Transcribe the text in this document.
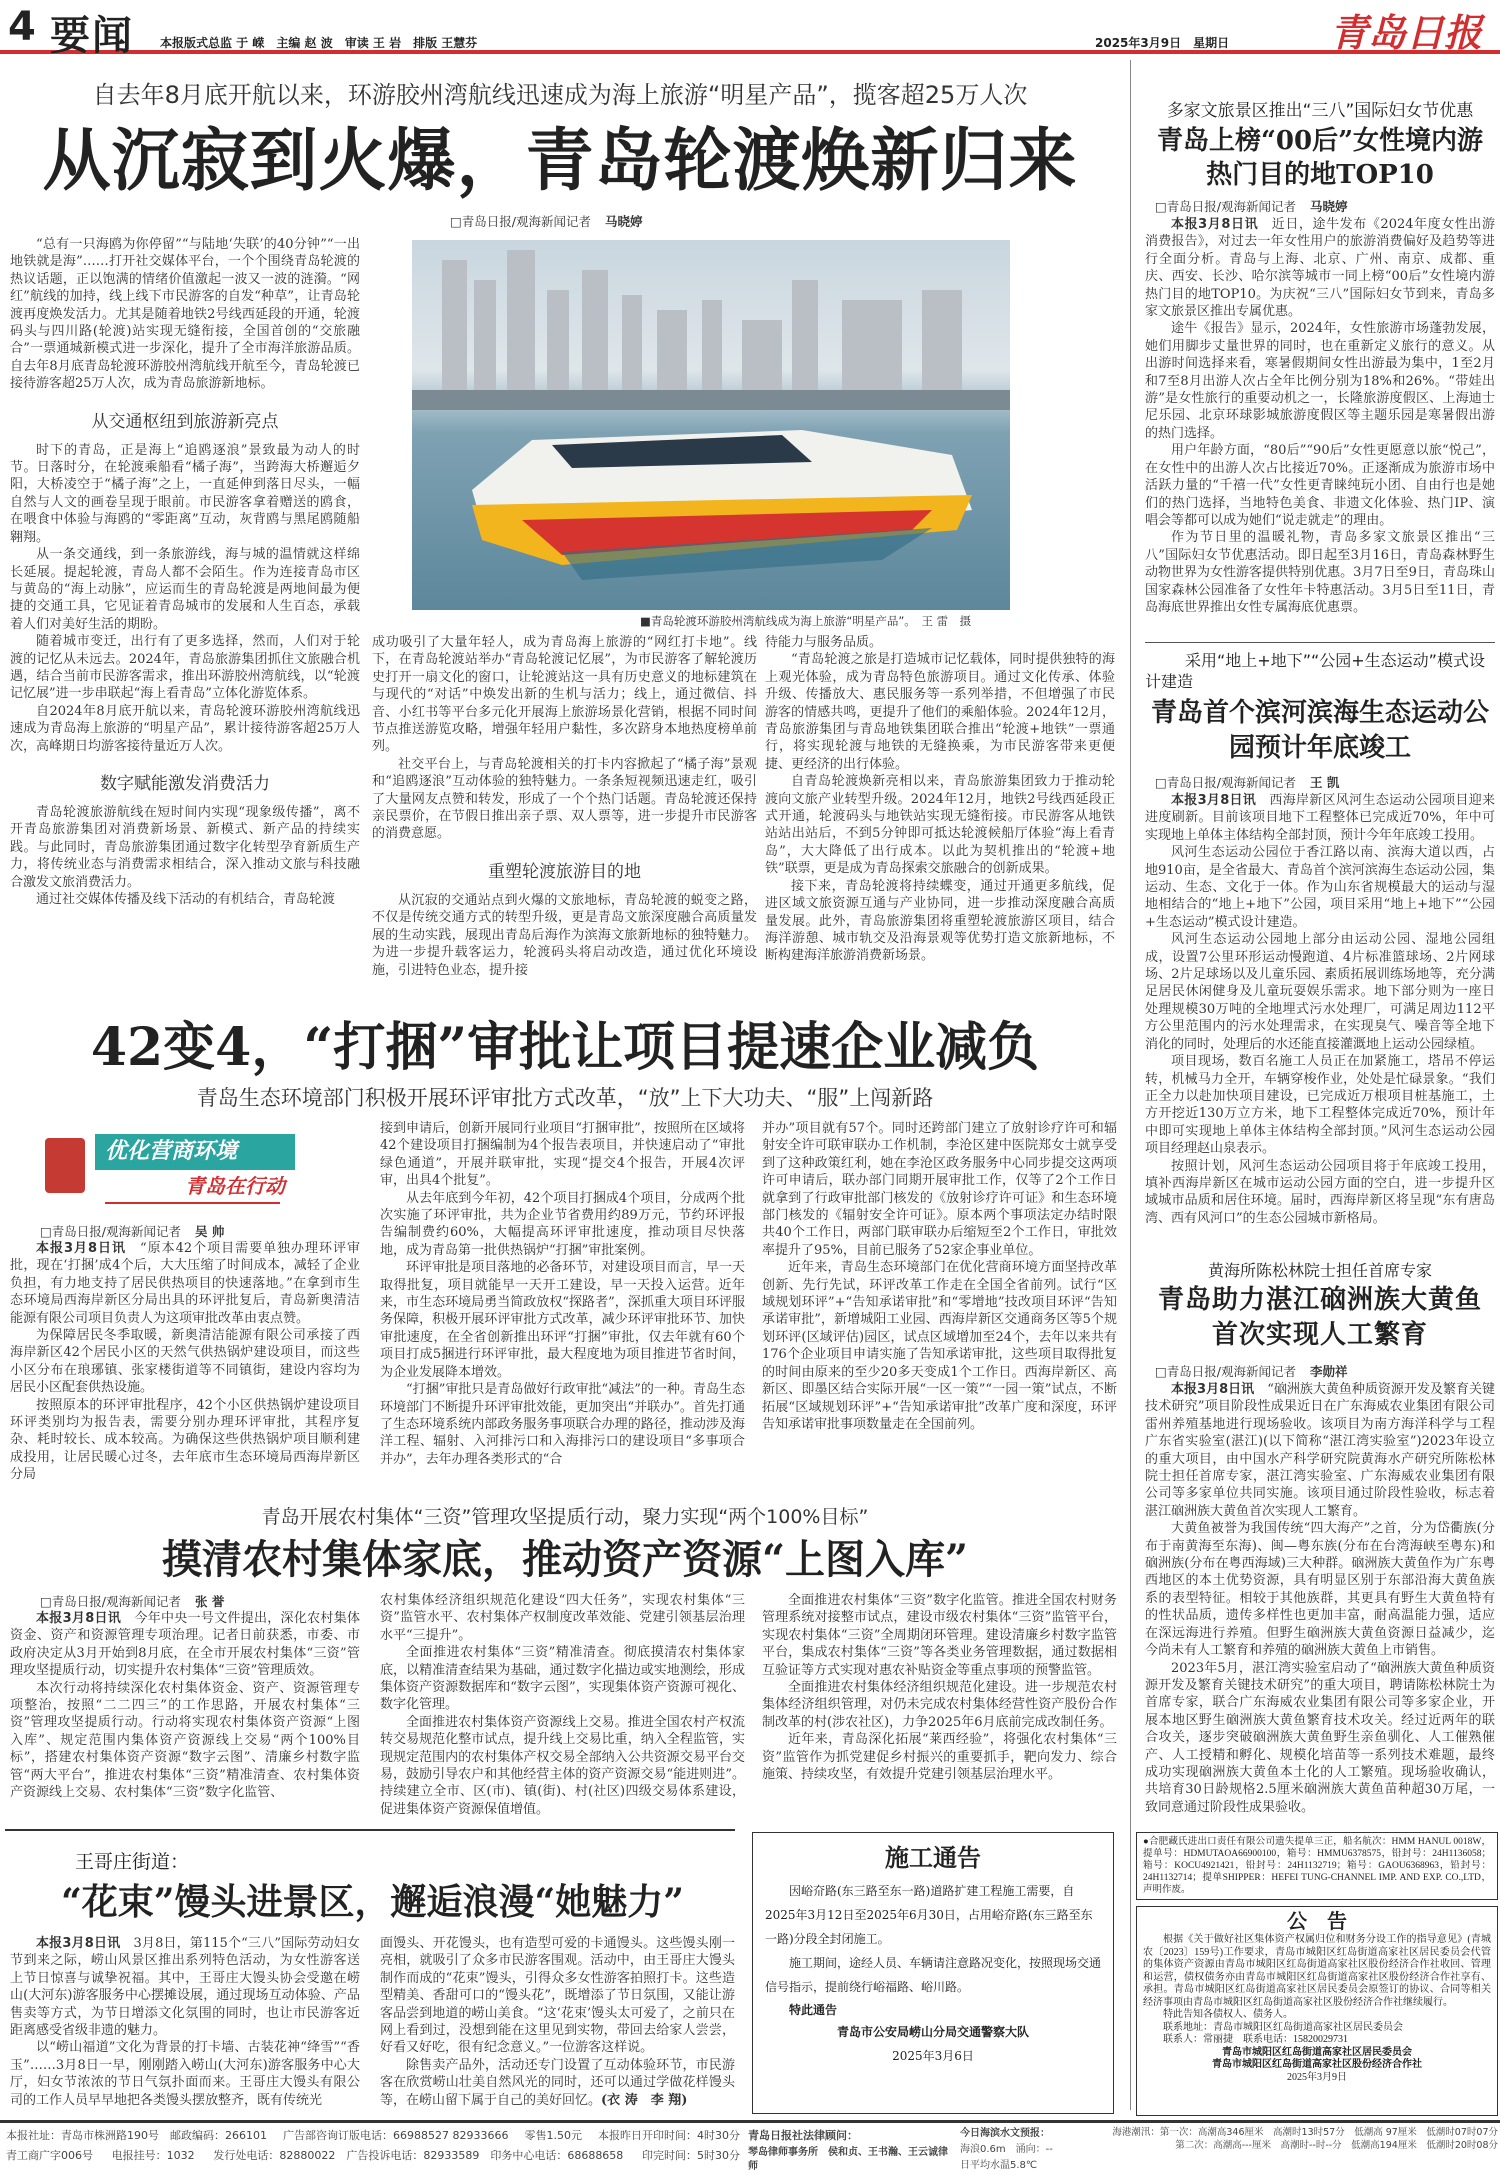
4 要闻 本报版式总监 于 嵘　主编 赵 波　审读 王 岩　排版 王慧芬	2025年3月9日　星期日	青岛日报
自去年8月底开航以来，环游胶州湾航线迅速成为海上旅游“明星产品”，揽客超25万人次
从沉寂到火爆，青岛轮渡焕新归来
□青岛日报/观海新闻记者 马晓婷

“总有一只海鸥为你停留”“与陆地‘失联’的40分钟”“一出地铁就是海”……打开社交媒体平台，一个个围绕青岛轮渡的热议话题，正以饱满的情绪价值激起一波又一波的涟漪。“网红”航线的加持，线上线下市民游客的自发“种草”，让青岛轮渡再度焕发活力。尤其是随着地铁2号线西延段的开通，轮渡码头与四川路(轮渡)站实现无缝衔接，全国首创的“交旅融合”一票通城新模式进一步深化，提升了全市海洋旅游品质。自去年8月底青岛轮渡环游胶州湾航线开航至今，青岛轮渡已接待游客超25万人次，成为青岛旅游新地标。

从交通枢纽到旅游新亮点

时下的青岛，正是海上“追鸥逐浪”景致最为动人的时节。日落时分，在轮渡乘船看“橘子海”，当跨海大桥邂逅夕阳，大桥凌空于“橘子海”之上，一直延伸到落日尽头，一幅自然与人文的画卷呈现于眼前。市民游客拿着赠送的鸥食，在喂食中体验与海鸥的“零距离”互动，灰背鸥与黑尾鸥随船翱翔。

从一条交通线，到一条旅游线，海与城的温情就这样绵长延展。提起轮渡，青岛人都不会陌生。作为连接青岛市区与黄岛的“海上动脉”，应运而生的青岛轮渡是两地间最为便捷的交通工具，它见证着青岛城市的发展和人生百态，承载着人们对美好生活的期盼。

随着城市变迁，出行有了更多选择，然而，人们对于轮渡的记忆从未远去。2024年，青岛旅游集团抓住文旅融合机遇，结合当前市民游客需求，推出环游胶州湾航线，以“轮渡记忆展”进一步串联起“海上看青岛”立体化游览体系。

自2024年8月底开航以来，青岛轮渡环游胶州湾航线迅速成为青岛海上旅游的“明星产品”，累计接待游客超25万人次，高峰期日均游客接待量近万人次。

数字赋能激发消费活力

青岛轮渡旅游航线在短时间内实现“现象级传播”，离不开青岛旅游集团对消费新场景、新模式、新产品的持续实践。与此同时，青岛旅游集团通过数字化转型孕育新质生产力，将传统业态与消费需求相结合，深入推动文旅与科技融合激发文旅消费活力。

通过社交媒体传播及线下活动的有机结合，青岛轮渡

■青岛轮渡环游胶州湾航线成为海上旅游“明星产品”。　王 雷　摄

成功吸引了大量年轻人，成为青岛海上旅游的“网红打卡地”。线下，在青岛轮渡站举办“青岛轮渡记忆展”，为市民游客了解轮渡历史打开一扇文化的窗口，让轮渡站这一具有历史意义的地标建筑在与现代的“对话”中焕发出新的生机与活力；线上，通过微信、抖音、小红书等平台多元化开展海上旅游场景化营销，根据不同时间节点推送游览攻略，增强年轻用户黏性，多次跻身本地热度榜单前列。

社交平台上，与青岛轮渡相关的打卡内容掀起了“橘子海”景观和“追鸥逐浪”互动体验的独特魅力。一条条短视频迅速走红，吸引了大量网友点赞和转发，形成了一个个热门话题。青岛轮渡还保持亲民票价，在节假日推出亲子票、双人票等，进一步提升市民游客的消费意愿。

重塑轮渡旅游目的地

从沉寂的交通站点到火爆的文旅地标，青岛轮渡的蜕变之路，不仅是传统交通方式的转型升级，更是青岛文旅深度融合高质量发展的生动实践，展现出青岛后海作为滨海文旅新地标的独特魅力。为进一步提升载客运力，轮渡码头将启动改造，通过优化环境设施，引进特色业态，提升接

待能力与服务品质。

“青岛轮渡之旅是打造城市记忆载体，同时提供独特的海上观光体验，成为青岛特色旅游项目。通过文化传承、体验升级、传播放大、惠民服务等一系列举措，不但增强了市民游客的情感共鸣，更提升了他们的乘船体验。2024年12月，青岛旅游集团与青岛地铁集团联合推出“轮渡+地铁”一票通行，将实现轮渡与地铁的无缝换乘，为市民游客带来更便捷、更经济的出行体验。

自青岛轮渡焕新亮相以来，青岛旅游集团致力于推动轮渡向文旅产业转型升级。2024年12月，地铁2号线西延段正式开通，轮渡码头与地铁站实现无缝衔接。市民游客从地铁站站出站后，不到5分钟即可抵达轮渡候船厅体验“海上看青岛”，大大降低了出行成本。以此为契机推出的“轮渡+地铁”联票，更是成为青岛探索交旅融合的创新成果。

接下来，青岛轮渡将持续蝶变，通过开通更多航线，促进区域文旅资源互通与产业协同，进一步推动深度融合高质量发展。此外，青岛旅游集团将重塑轮渡旅游区项目，结合海洋游憩、城市轨交及沿海景观等优势打造文旅新地标，不断构建海洋旅游消费新场景。

多家文旅景区推出“三八”国际妇女节优惠
青岛上榜“00后”女性境内游热门目的地TOP10
□青岛日报/观海新闻记者 马晓婷

本报3月8日讯　 近日，途牛发布《2024年度女性出游消费报告》，对过去一年女性用户的旅游消费偏好及趋势等进行全面分析。青岛与上海、北京、广州、南京、成都、重庆、西安、长沙、哈尔滨等城市一同上榜“00后”女性境内游热门目的地TOP10。为庆祝“三八”国际妇女节到来，青岛多家文旅景区推出专属优惠。

途牛《报告》显示，2024年，女性旅游市场蓬勃发展，她们用脚步丈量世界的同时，也在重新定义旅行的意义。从出游时间选择来看，寒暑假期间女性出游最为集中，1至2月和7至8月出游人次占全年比例分别为18%和26%。“带娃出游”是女性旅行的重要动机之一，长隆旅游度假区、上海迪士尼乐园、北京环球影城旅游度假区等主题乐园是寒暑假出游的热门选择。

用户年龄方面，“80后”“90后”女性更愿意以旅“悦己”，在女性中的出游人次占比接近70%。正逐渐成为旅游市场中活跃力量的“千禧一代”女性更青睐纯玩小团、自由行也是她们的热门选择，当地特色美食、非遗文化体验、热门IP、演唱会等都可以成为她们“说走就走”的理由。

作为节日里的温暖礼物，青岛多家文旅景区推出“三八”国际妇女节优惠活动。即日起至3月16日，青岛森林野生动物世界为女性游客提供特别优惠。3月7日至9日，青岛珠山国家森林公园准备了女性年卡特惠活动。3月5日至11日，青岛海底世界推出女性专属海底优惠票。

采用“地上+地下”“公园+生态运动”模式设计建造
青岛首个滨河滨海生态运动公园预计年底竣工
□青岛日报/观海新闻记者 王 凯

本报3月8日讯　 西海岸新区风河生态运动公园项目迎来进度刷新。目前该项目地下工程整体已完成近70%，年中可实现地上单体主体结构全部封顶，预计今年年底竣工投用。

风河生态运动公园位于香江路以南、滨海大道以西，占地910亩，是全省最大、青岛首个滨河滨海生态运动公园，集运动、生态、文化于一体。作为山东省规模最大的运动与湿地相结合的“地上+地下”公园，项目采用“地上+地下”“公园+生态运动”模式设计建造。

风河生态运动公园地上部分由运动公园、湿地公园组成，设置7公里环形运动慢跑道、4片标准篮球场、2片网球场、2片足球场以及儿童乐园、素质拓展训练场地等，充分满足居民休闲健身及儿童玩耍娱乐需求。地下部分则为一座日处理规模30万吨的全地埋式污水处理厂，可满足周边112平方公里范围内的污水处理需求，在实现臭气、噪音等全地下消化的同时，处理后的水还能直接灌溉地上运动公园绿植。

项目现场，数百名施工人员正在加紧施工，塔吊不停运转，机械马力全开，车辆穿梭作业，处处是忙碌景象。“我们正全力以赴加快项目建设，已完成近万根项目桩基施工，土方开挖近130万立方米，地下工程整体完成近70%，预计年中即可实现地上单体主体结构全部封顶。”风河生态运动公园项目经理赵山泉表示。

按照计划，风河生态运动公园项目将于年底竣工投用，填补西海岸新区在城市运动公园方面的空白，进一步提升区域城市品质和居住环境。届时，西海岸新区将呈现“东有唐岛湾、西有风河口”的生态公园城市新格局。

黄海所陈松林院士担任首席专家
青岛助力湛江硇洲族大黄鱼首次实现人工繁育
□青岛日报/观海新闻记者 李勋祥

本报3月8日讯　 “硇洲族大黄鱼种质资源开发及繁育关键技术研究”项目阶段性成果近日在广东海威农业集团有限公司雷州养殖基地进行现场验收。该项目为南方海洋科学与工程广东省实验室(湛江)(以下简称“湛江湾实验室”)2023年设立的重大项目，由中国水产科学研究院黄海水产研究所陈松林院士担任首席专家，湛江湾实验室、广东海威农业集团有限公司等多家单位共同实施。该项目通过阶段性验收，标志着湛江硇洲族大黄鱼首次实现人工繁育。

大黄鱼被誉为我国传统“四大海产”之首，分为岱衢族(分布于南黄海至东海)、闽—粤东族(分布在台湾海峡至粤东)和硇洲族(分布在粤西海域)三大种群。硇洲族大黄鱼作为广东粤西地区的本土优势资源，具有明显区别于东部沿海大黄鱼族系的表型特征。相较于其他族群，其更具有野生大黄鱼特有的性状品质，遗传多样性也更加丰富，耐高温能力强，适应在深远海进行养殖。但野生硇洲族大黄鱼资源日益减少，迄今尚未有人工繁育和养殖的硇洲族大黄鱼上市销售。

2023年5月，湛江湾实验室启动了“硇洲族大黄鱼种质资源开发及繁育关键技术研究”的重大项目，聘请陈松林院士为首席专家，联合广东海威农业集团有限公司等多家企业，开展本地区野生硇洲族大黄鱼繁育技术攻关。经过近两年的联合攻关，逐步突破硇洲族大黄鱼野生亲鱼驯化、人工催熟催产、人工授精和孵化、规模化培苗等一系列技术难题，最终成功实现硇洲族大黄鱼本土化的人工繁殖。现场验收确认，共培育30日龄规格2.5厘米硇洲族大黄鱼苗种超30万尾，一致同意通过阶段性成果验收。

42变4，“打捆”审批让项目提速企业减负
青岛生态环境部门积极开展环评审批方式改革，“放”上下大功夫、“服”上闯新路
优化营商环境
青岛在行动
□青岛日报/观海新闻记者 吴 帅

本报3月8日讯　 “原本42个项目需要单独办理环评审批，现在‘打捆’成4个后，大大压缩了时间成本，减轻了企业负担，有力地支持了居民供热项目的快速落地。”在拿到市生态环境局西海岸新区分局出具的环评批复后，青岛新奥清洁能源有限公司项目负责人为这项审批改革由衷点赞。

为保障居民冬季取暖，新奥清洁能源有限公司承接了西海岸新区42个居民小区的天然气供热锅炉建设项目，而这些小区分布在琅琊镇、张家楼街道等不同镇街，建设内容均为居民小区配套供热设施。

按照原本的环评审批程序，42个小区供热锅炉建设项目环评类别均为报告表，需要分别办理环评审批，其程序复杂、耗时较长、成本较高。为确保这些供热锅炉项目顺利建成投用，让居民暖心过冬，去年底市生态环境局西海岸新区分局

接到申请后，创新开展同行业项目“打捆审批”，按照所在区域将42个建设项目打捆编制为4个报告表项目，并快速启动了“审批绿色通道”，开展并联审批，实现“提交4个报告，开展4次评审，出具4个批复”。

从去年底到今年初，42个项目打捆成4个项目，分成两个批次实施了环评审批，共为企业节省费用约89万元，节约环评报告编制费约60%，大幅提高环评审批速度，推动项目尽快落地，成为青岛第一批供热锅炉“打捆”审批案例。

环评审批是项目落地的必备环节，对建设项目而言，早一天取得批复，项目就能早一天开工建设，早一天投入运营。近年来，市生态环境局勇当简政放权“探路者”，深抓重大项目环评服务保障，积极开展环评审批方式改革，减少环评审批环节、加快审批速度，在全省创新推出环评“打捆”审批，仅去年就有60个项目打成5捆进行环评审批，最大程度地为项目推进节省时间，为企业发展降本增效。

“打捆”审批只是青岛做好行政审批“减法”的一种。青岛生态环境部门不断提升环评审批效能，更加突出“并联办”。首先打通了生态环境系统内部政务服务事项联合办理的路径，推动涉及海洋工程、辐射、入河排污口和入海排污口的建设项目“多事项合并办”，去年办理各类形式的“合

并办”项目就有57个。同时还跨部门建立了放射诊疗许可和辐射安全许可联审联办工作机制，李沧区建中医院郑女士就享受到了这种政策红利，她在李沧区政务服务中心同步提交这两项许可申请后，联办部门同期开展审批工作，仅等了2个工作日就拿到了行政审批部门核发的《放射诊疗许可证》和生态环境部门核发的《辐射安全许可证》。原本两个事项法定办结时限共40个工作日，两部门联审联办后缩短至2个工作日，审批效率提升了95%，目前已服务了52家企事业单位。

近年来，青岛生态环境部门在优化营商环境方面坚持改革创新、先行先试，环评改革工作走在全国全省前列。试行“区域规划环评”+“告知承诺审批”和“零增地”技改项目环评“告知承诺审批”，新增城阳工业园、西海岸新区交通商务区等5个规划环评(区域评估)园区，试点区域增加至24个，去年以来共有176个企业项目申请实施了告知承诺审批，这些项目取得批复的时间由原来的至少20多天变成1个工作日。西海岸新区、高新区、即墨区结合实际开展“一区一策”“一园一策”试点，不断拓展“区域规划环评”+“告知承诺审批”改革广度和深度，环评告知承诺审批事项数量走在全国前列。

青岛开展农村集体“三资”管理攻坚提质行动，聚力实现“两个100%目标”
摸清农村集体家底，推动资产资源“上图入库”
□青岛日报/观海新闻记者 张 誉

本报3月8日讯　 今年中央一号文件提出，深化农村集体资金、资产和资源管理专项治理。记者日前获悉，市委、市政府决定从3月开始到8月底，在全市开展农村集体“三资”管理攻坚提质行动，切实提升农村集体“三资”管理质效。

本次行动将持续深化农村集体资金、资产、资源管理专项整治，按照“二二四三”的工作思路，开展农村集体“三资”管理攻坚提质行动。行动将实现农村集体资产资源“上图入库”、规定范围内集体资产资源线上交易“两个100%目标”，搭建农村集体资产资源“数字云图”、清廉乡村数字监管“两大平台”，推进农村集体“三资”精准清查、农村集体资产资源线上交易、农村集体“三资”数字化监管、

农村集体经济组织规范化建设“四大任务”，实现农村集体“三资”监管水平、农村集体产权制度改革效能、党建引领基层治理水平“三提升”。

全面推进农村集体“三资”精准清查。彻底摸清农村集体家底，以精准清查结果为基础，通过数字化描边或实地测绘，形成集体资产资源数据库和“数字云图”，实现集体资产资源可视化、数字化管理。

全面推进农村集体资产资源线上交易。推进全国农村产权流转交易规范化整市试点，提升线上交易比重，纳入全程监管，实现规定范围内的农村集体产权交易全部纳入公共资源交易平台交易，鼓励引导农户和其他经营主体的资产资源交易“能进则进”。持续建立全市、区(市)、镇(街)、村(社区)四级交易体系建设，促进集体资产资源保值增值。

全面推进农村集体“三资”数字化监管。推进全国农村财务管理系统对接整市试点，建设市级农村集体“三资”监管平台，实现农村集体“三资”全周期闭环管理。建设清廉乡村数字监管平台，集成农村集体“三资”等各类业务管理数据，通过数据相互验证等方式实现对惠农补贴资金等重点事项的预警监管。

全面推进农村集体经济组织规范化建设。进一步规范农村集体经济组织管理，对仍未完成农村集体经营性资产股份合作制改革的村(涉农社区)，力争2025年6月底前完成改制任务。

近年来，青岛深化拓展“莱西经验”，将强化农村集体“三资”监管作为抓党建促乡村振兴的重要抓手，靶向发力、综合施策、持续攻坚，有效提升党建引领基层治理水平。

王哥庄街道：
“花束”馒头进景区，邂逅浪漫“她魅力”

本报3月8日讯　 3月8日，第115个“三八”国际劳动妇女节到来之际，崂山风景区推出系列特色活动，为女性游客送上节日惊喜与诚挚祝福。其中，王哥庄大馒头协会受邀在崂山(大河东)游客服务中心摆摊设展，通过现场互动体验、产品售卖等方式，为节日增添文化氛围的同时，也让市民游客近距离感受省级非遗的魅力。

以“崂山福道”文化为背景的打卡墙、古装花神“绛雪”“香玉”……3月8日一早，刚刚踏入崂山(大河东)游客服务中心大厅，妇女节浓浓的节日气氛扑面而来。王哥庄大馒头有限公司的工作人员早早地把各类馒头摆放整齐，既有传统光

面馒头、开花馒头，也有造型可爱的卡通馒头。这些馒头刚一亮相，就吸引了众多市民游客围观。活动中，由王哥庄大馒头制作而成的“花束”馒头，引得众多女性游客拍照打卡。这些造型精美、香甜可口的“馒头花”，既增添了节日氛围，又能让游客品尝到地道的崂山美食。“这‘花束’馒头太可爱了，之前只在网上看到过，没想到能在这里见到实物，带回去给家人尝尝，好看又好吃，很有纪念意义。”一位游客这样说。

除售卖产品外，活动还专门设置了互动体验环节，市民游客在欣赏崂山壮美自然风光的同时，还可以通过学做花样馒头等，在崂山留下属于自己的美好回忆。(衣 涛　李 翔)

施工通告

因峪夼路(东三路至东一路)道路扩建工程施工需要，自2025年3月12日至2025年6月30日，占用峪夼路(东三路至东一路)分段全封闭施工。

施工期间，途经人员、车辆请注意路况变化，按照现场交通信号指示，提前绕行峪福路、峪川路。

特此通告

青岛市公安局崂山分局交通警察大队
2025年3月6日
●合肥藏氏进出口责任有限公司遗失提单三正，船名航次：HMM HANUL 0018W，提单号：HDMUTAOA66900100，箱号：HMMU6378575，铅封号：24H1136058；箱号：KOCU4921421，铅封号：24H1132719；箱号：GAOU6368963，铅封号：24H1132714；提单SHIPPER：HEFEI TUNG-CHANNEL IMP. AND EXP. CO.,LTD，声明作废。
公　告

根据《关于做好社区集体资产权属归位和财务分设工作的指导意见》(青城农〔2023〕159号)工作要求，青岛市城阳区红岛街道高家社区居民委员会代管的集体资产资源由青岛市城阳区红岛街道高家社区股份经济合作社收回、管理和运营，债权债务亦由青岛市城阳区红岛街道高家社区股份经济合作社享有、承担。青岛市城阳区红岛街道高家社区居民委员会原签订的协议、合同等相关经济事项由青岛市城阳区红岛街道高家社区股份经济合作社继续履行。

特此告知各债权人、债务人。
联系地址：青岛市城阳区红岛街道高家社区居民委员会
联系人：常丽捷　联系电话：15820029731
青岛市城阳区红岛街道高家社区居民委员会
青岛市城阳区红岛街道高家社区股份经济合作社
2025年3月9日
本报社址：青岛市株洲路190号　邮政编码：266101 广告部咨询订版电话：66988527 82933666 零售1.50元 本报昨日开印时间：4时30分
青工商广字006号 电报挂号：1032 发行处电话：82880022　广告投诉电话：82933589　印务中心电话：68688658 印完时间：5时30分
青岛日报社法律顾问：
琴岛律师事务所　侯和贞、王书瀚、王云诚律师
今日海滨水文预报：
海浪0.6m　涌向：--
日平均水温5.8℃
海港潮汛：第一次：高潮高346厘米　高潮时13时57分　低潮高 97厘米　低潮时07时07分
第二次：高潮高---厘米　高潮时--时--分　低潮高194厘米　低潮时20时08分
